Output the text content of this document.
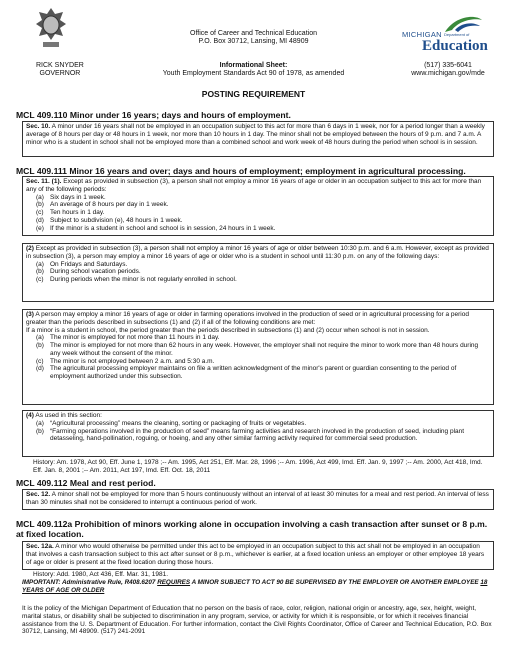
Office of Career and Technical Education
P.O. Box 30712, Lansing, MI 48909
MICHIGAN Department of
Education
RICK SNYDER
GOVERNOR
Informational Sheet:
Youth Employment Standards Act 90 of 1978, as amended
(517) 335-6041
www.michigan.gov/mde
POSTING REQUIREMENT
MCL 409.110 Minor under 16 years; days and hours of employment.

Sec. 10. A minor under 16 years shall not be employed in an occupation subject to this act for more than 6 days in 1 week, nor for a period longer than a weekly average of 8 hours per day or 48 hours in 1 week, nor more than 10 hours in 1 day. The minor shall not be employed between the hours of 9 p.m. and 7 a.m. A minor who is a student in school shall not be employed more than a combined school and work week of 48 hours during the period when school is in session.

MCL 409.111 Minor 16 years and over; days and hours of employment; employment in agricultural processing.

Sec. 11. (1). Except as provided in subsection (3), a person shall not employ a minor 16 years of age or older in an occupation subject to this act for more than any of the following periods:

(a) Six days in 1 week.
(b) An average of 8 hours per day in 1 week.
(c) Ten hours in 1 day.
(d) Subject to subdivision (e), 48 hours in 1 week.
(e) If the minor is a student in school and school is in session, 24 hours in 1 week.

(2) Except as provided in subsection (3), a person shall not employ a minor 16 years of age or older between 10:30 p.m. and 6 a.m. However, except as provided in subsection (3), a person may employ a minor 16 years of age or older who is a student in school until 11:30 p.m. on any of the following days:

(a) On Fridays and Saturdays.
(b) During school vacation periods.
(c) During periods when the minor is not regularly enrolled in school.

(3) A person may employ a minor 16 years of age or older in farming operations involved in the production of seed or in agricultural processing for a period greater than the periods described in subsections (1) and (2) if all of the following conditions are met:

If a minor is a student in school, the period greater than the periods described in subsections (1) and (2) occur when school is not in session.

(a) The minor is employed for not more than 11 hours in 1 day.
(b) The minor is employed for not more than 62 hours in any week. However, the employer shall not require the minor to work more than 48 hours during any week without the consent of the minor.
(c) The minor is not employed between 2 a.m. and 5:30 a.m.
(d) The agricultural processing employer maintains on file a written acknowledgment of the minor's parent or guardian consenting to the period of employment authorized under this subsection.

(4) As used in this section:

(a) “Agricultural processing” means the cleaning, sorting or packaging of fruits or vegetables.
(b) “Farming operations involved in the production of seed” means farming activities and research involved in the production of seed, including plant detasseling, hand-pollination, roguing, or hoeing, and any other similar farming activity required for commercial seed production.
History: Am. 1978, Act 90, Eff. June 1, 1978 ;-- Am. 1995, Act 251, Eff. Mar. 28, 1996 ;-- Am. 1996, Act 499, Imd. Eff. Jan. 9, 1997 ;-- Am. 2000, Act 418, Imd. Eff. Jan. 8, 2001 ;-- Am. 2011, Act 197, Imd. Eff. Oct. 18, 2011
MCL 409.112 Meal and rest period.

Sec. 12. A minor shall not be employed for more than 5 hours continuously without an interval of at least 30 minutes for a meal and rest period. An interval of less than 30 minutes shall not be considered to interrupt a continuous period of work.

MCL 409.112a Prohibition of minors working alone in occupation involving a cash transaction after sunset or 8 p.m. at fixed location.

Sec. 12a. A minor who would otherwise be permitted under this act to be employed in an occupation subject to this act shall not be employed in an occupation that involves a cash transaction subject to this act after sunset or 8 p.m., whichever is earlier, at a fixed location unless an employer or other employee 18 years of age or older is present at the fixed location during those hours.

History: Add. 1980, Act 436, Eff. Mar. 31, 1981.
IMPORTANT: Administrative Rule, R408.6207 REQUIRES A MINOR SUBJECT TO ACT 90 BE SUPERVISED BY THE EMPLOYER OR ANOTHER EMPLOYEE 18 YEARS OF AGE OR OLDER
It is the policy of the Michigan Department of Education that no person on the basis of race, color, religion, national origin or ancestry, age, sex, height, weight, marital status, or disability shall be subjected to discrimination in any program, service, or activity for which it is responsible, or for which it receives financial assistance from the U. S. Department of Education. For further information, contact the Civil Rights Coordinator, Office of Career and Technical Education, P.O. Box 30712, Lansing, MI 48909. (517) 241-2091
